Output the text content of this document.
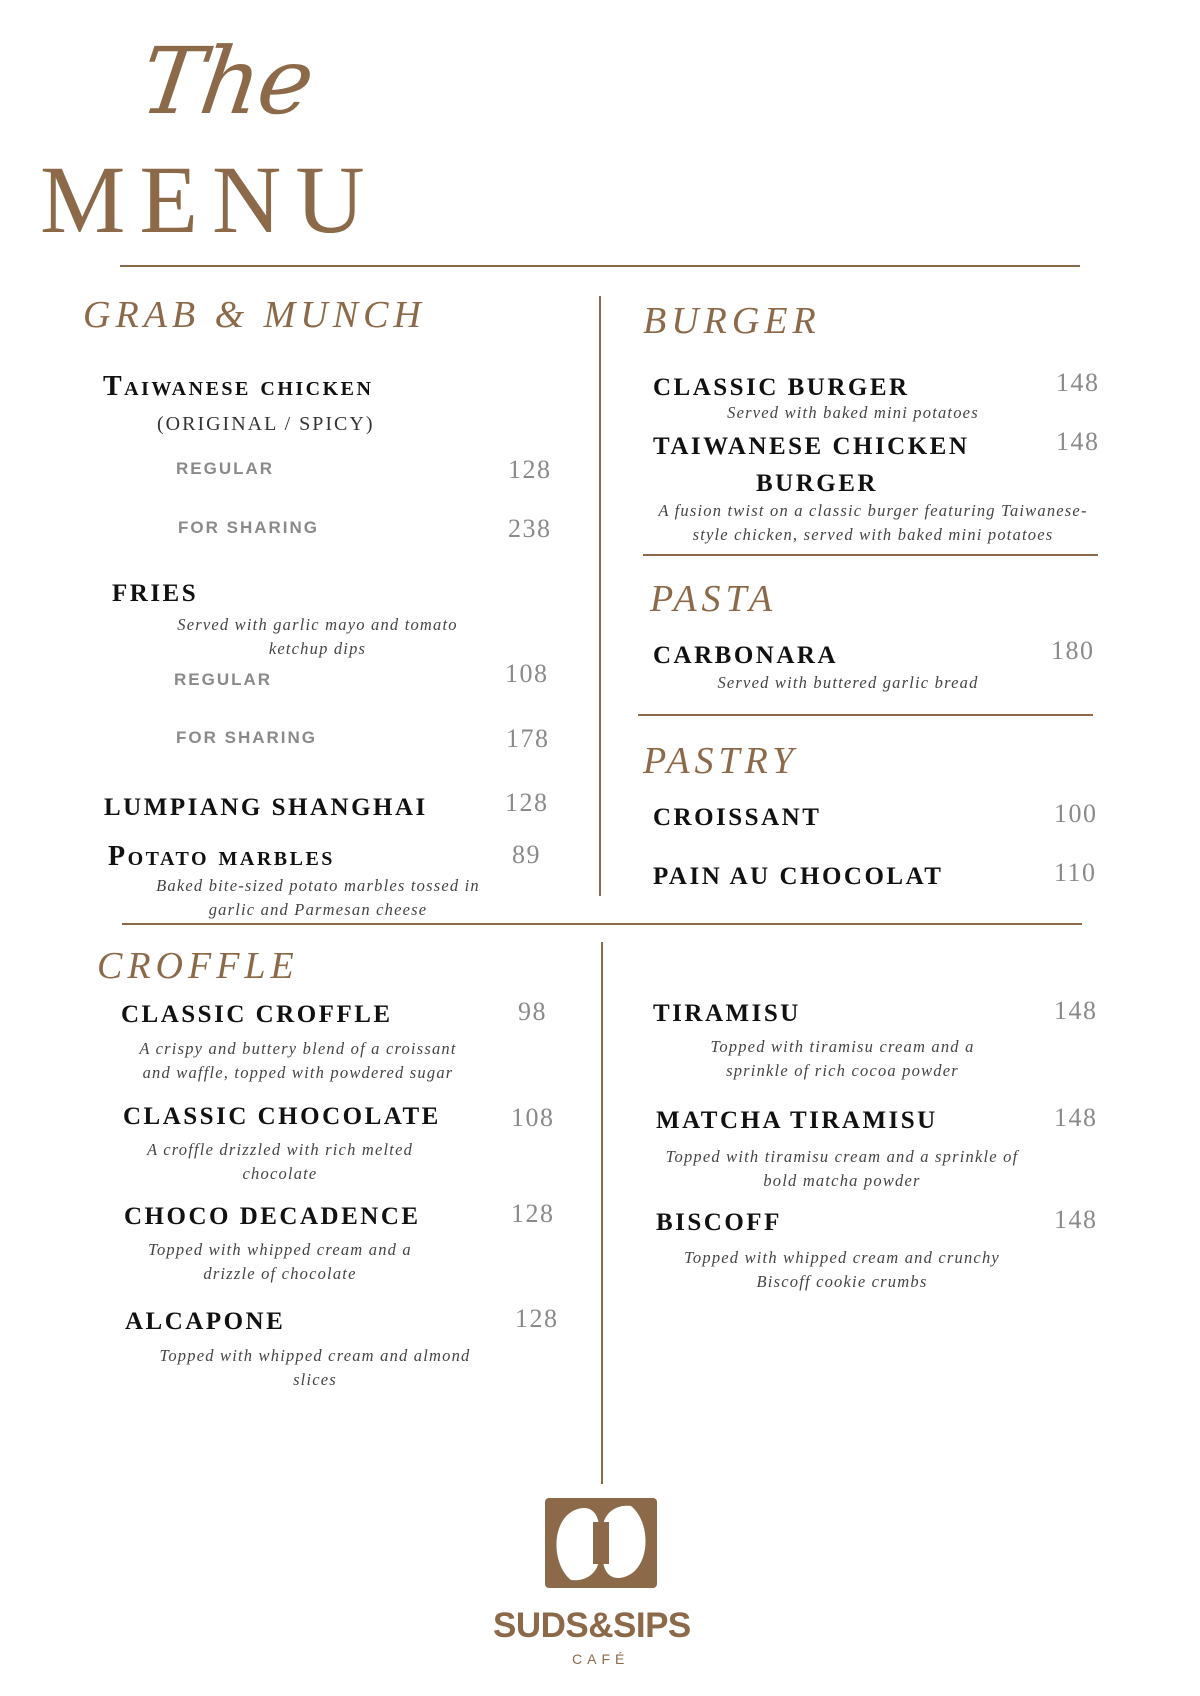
The
MENU
GRAB & MUNCH
Taiwanese chicken
(ORIGINAL / SPICY)
REGULAR	128
FOR SHARING	238
FRIES
Served with garlic mayo and tomato ketchup dips
REGULAR	108
FOR SHARING	178
LUMPIANG SHANGHAI	128
Potato marbles	89
Baked bite-sized potato marbles tossed in garlic and Parmesan cheese
BURGER
CLASSIC BURGER	148
Served with baked mini potatoes
TAIWANESE CHICKEN	148
BURGER
A fusion twist on a classic burger featuring Taiwanese-style chicken, served with baked mini potatoes
PASTA
CARBONARA	180
Served with buttered garlic bread
PASTRY
CROISSANT	100
PAIN AU CHOCOLAT	110
CROFFLE
CLASSIC CROFFLE	98
A crispy and buttery blend of a croissant and waffle, topped with powdered sugar
CLASSIC CHOCOLATE	108
A croffle drizzled with rich melted chocolate
CHOCO DECADENCE	128
Topped with whipped cream and a drizzle of chocolate
ALCAPONE	128
Topped with whipped cream and almond slices
TIRAMISU	148
Topped with tiramisu cream and a sprinkle of rich cocoa powder
MATCHA TIRAMISU	148
Topped with tiramisu cream and a sprinkle of bold matcha powder
BISCOFF	148
Topped with whipped cream and crunchy Biscoff cookie crumbs
SUDS&SIPS
CAFÉ
